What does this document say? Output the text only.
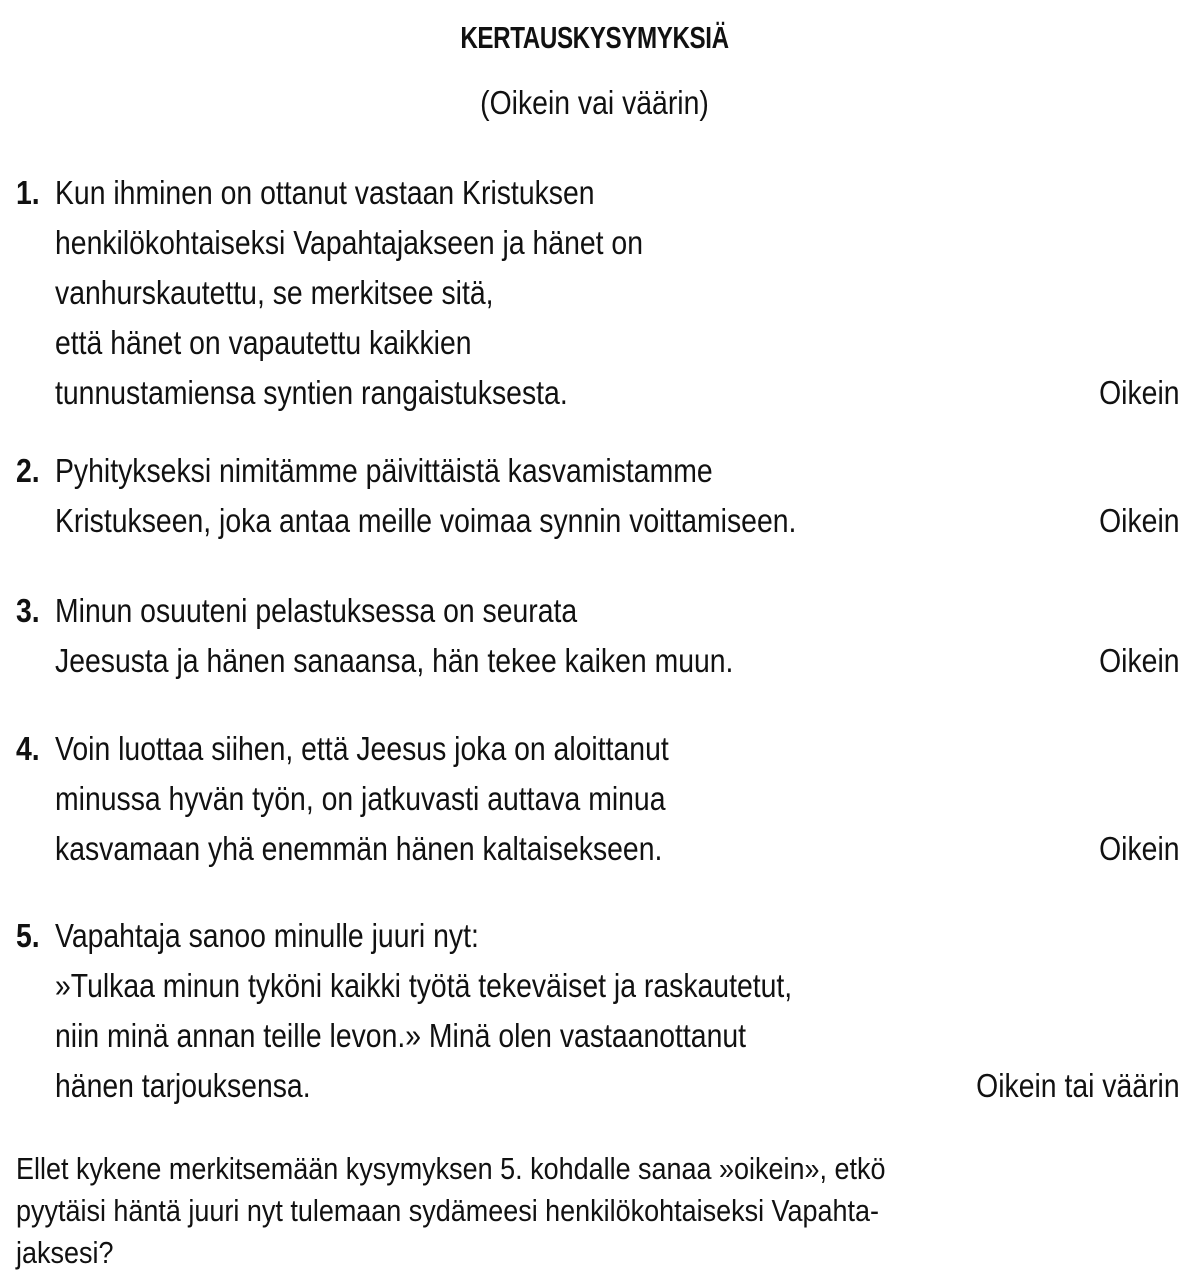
KERTAUSKYSYMYKSIÄ
(Oikein vai väärin)
1. Kun ihminen on ottanut vastaan Kristuksen
henkilökohtaiseksi Vapahtajakseen ja hänet on
vanhurskautettu, se merkitsee sitä,
että hänet on vapautettu kaikkien
tunnustamiensa syntien rangaistuksesta.	Oikein
2. Pyhitykseksi nimitämme päivittäistä kasvamistamme
Kristukseen, joka antaa meille voimaa synnin voittamiseen.	Oikein
3. Minun osuuteni pelastuksessa on seurata
Jeesusta ja hänen sanaansa, hän tekee kaiken muun.	Oikein
4. Voin luottaa siihen, että Jeesus joka on aloittanut
minussa hyvän työn, on jatkuvasti auttava minua
kasvamaan yhä enemmän hänen kaltaisekseen.	Oikein
5. Vapahtaja sanoo minulle juuri nyt:
»Tulkaa minun tyköni kaikki työtä tekeväiset ja raskautetut,
niin minä annan teille levon.» Minä olen vastaanottanut
hänen tarjouksensa.	Oikein tai väärin
Ellet kykene merkitsemään kysymyksen 5. kohdalle sanaa »oikein», etkö
pyytäisi häntä juuri nyt tulemaan sydämeesi henkilökohtaiseksi Vapahta-
jaksesi?
